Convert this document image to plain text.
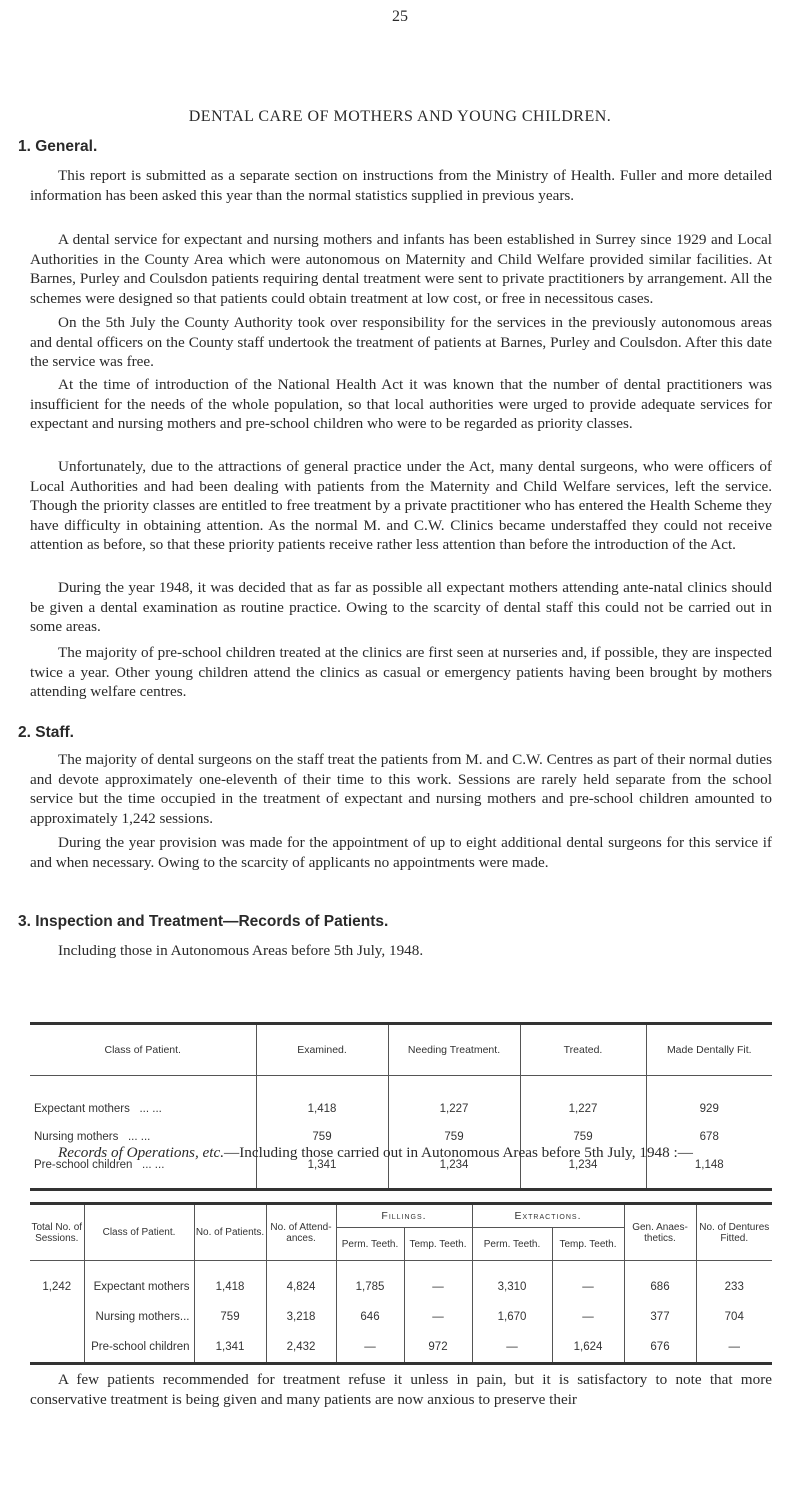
25
DENTAL CARE OF MOTHERS AND YOUNG CHILDREN.
1. General.
This report is submitted as a separate section on instructions from the Ministry of Health. Fuller and more detailed information has been asked this year than the normal statistics supplied in previous years.
A dental service for expectant and nursing mothers and infants has been established in Surrey since 1929 and Local Authorities in the County Area which were autonomous on Maternity and Child Welfare provided similar facilities. At Barnes, Purley and Coulsdon patients requiring dental treatment were sent to private practitioners by arrangement. All the schemes were designed so that patients could obtain treatment at low cost, or free in necessitous cases.
On the 5th July the County Authority took over responsibility for the services in the previously autonomous areas and dental officers on the County staff undertook the treatment of patients at Barnes, Purley and Coulsdon. After this date the service was free.
At the time of introduction of the National Health Act it was known that the number of dental practitioners was insufficient for the needs of the whole population, so that local authorities were urged to provide adequate services for expectant and nursing mothers and pre-school children who were to be regarded as priority classes.
Unfortunately, due to the attractions of general practice under the Act, many dental surgeons, who were officers of Local Authorities and had been dealing with patients from the Maternity and Child Welfare services, left the service. Though the priority classes are entitled to free treatment by a private practitioner who has entered the Health Scheme they have difficulty in obtaining attention. As the normal M. and C.W. Clinics became understaffed they could not receive attention as before, so that these priority patients receive rather less attention than before the introduction of the Act.
During the year 1948, it was decided that as far as possible all expectant mothers attending ante-natal clinics should be given a dental examination as routine practice. Owing to the scarcity of dental staff this could not be carried out in some areas.
The majority of pre-school children treated at the clinics are first seen at nurseries and, if possible, they are inspected twice a year. Other young children attend the clinics as casual or emergency patients having been brought by mothers attending welfare centres.
2. Staff.
The majority of dental surgeons on the staff treat the patients from M. and C.W. Centres as part of their normal duties and devote approximately one-eleventh of their time to this work. Sessions are rarely held separate from the school service but the time occupied in the treatment of expectant and nursing mothers and pre-school children amounted to approximately 1,242 sessions.
During the year provision was made for the appointment of up to eight additional dental surgeons for this service if and when necessary. Owing to the scarcity of applicants no appointments were made.
3. Inspection and Treatment—Records of Patients.
Including those in Autonomous Areas before 5th July, 1948.
Class of Patient.	Examined.	Needing Treatment.	Treated.	Made Dentally Fit.
Expectant mothers ... ...	1,418	1,227	1,227	929
Nursing mothers ... ...	759	759	759	678
Pre-school children ... ...	1,341	1,234	1,234	1,148
Records of Operations, etc.—Including those carried out in Autonomous Areas before 5th July, 1948 :—
Total No. of Sessions.	Class of Patient.	No. of Patients.	No. of Attend-ances.	Fillings.		Extractions.		Gen. Anaes-thetics.	No. of Dentures Fitted.
				Perm. Teeth.	Temp. Teeth.	Perm. Teeth.	Temp. Teeth.		
1,242	Expectant mothers	1,418	4,824	1,785	—	3,310	—	686	233
	Nursing mothers...	759	3,218	646	—	1,670	—	377	704
	Pre-school children	1,341	2,432	—	972	—	1,624	676	—
A few patients recommended for treatment refuse it unless in pain, but it is satisfactory to note that more conservative treatment is being given and many patients are now anxious to preserve their
